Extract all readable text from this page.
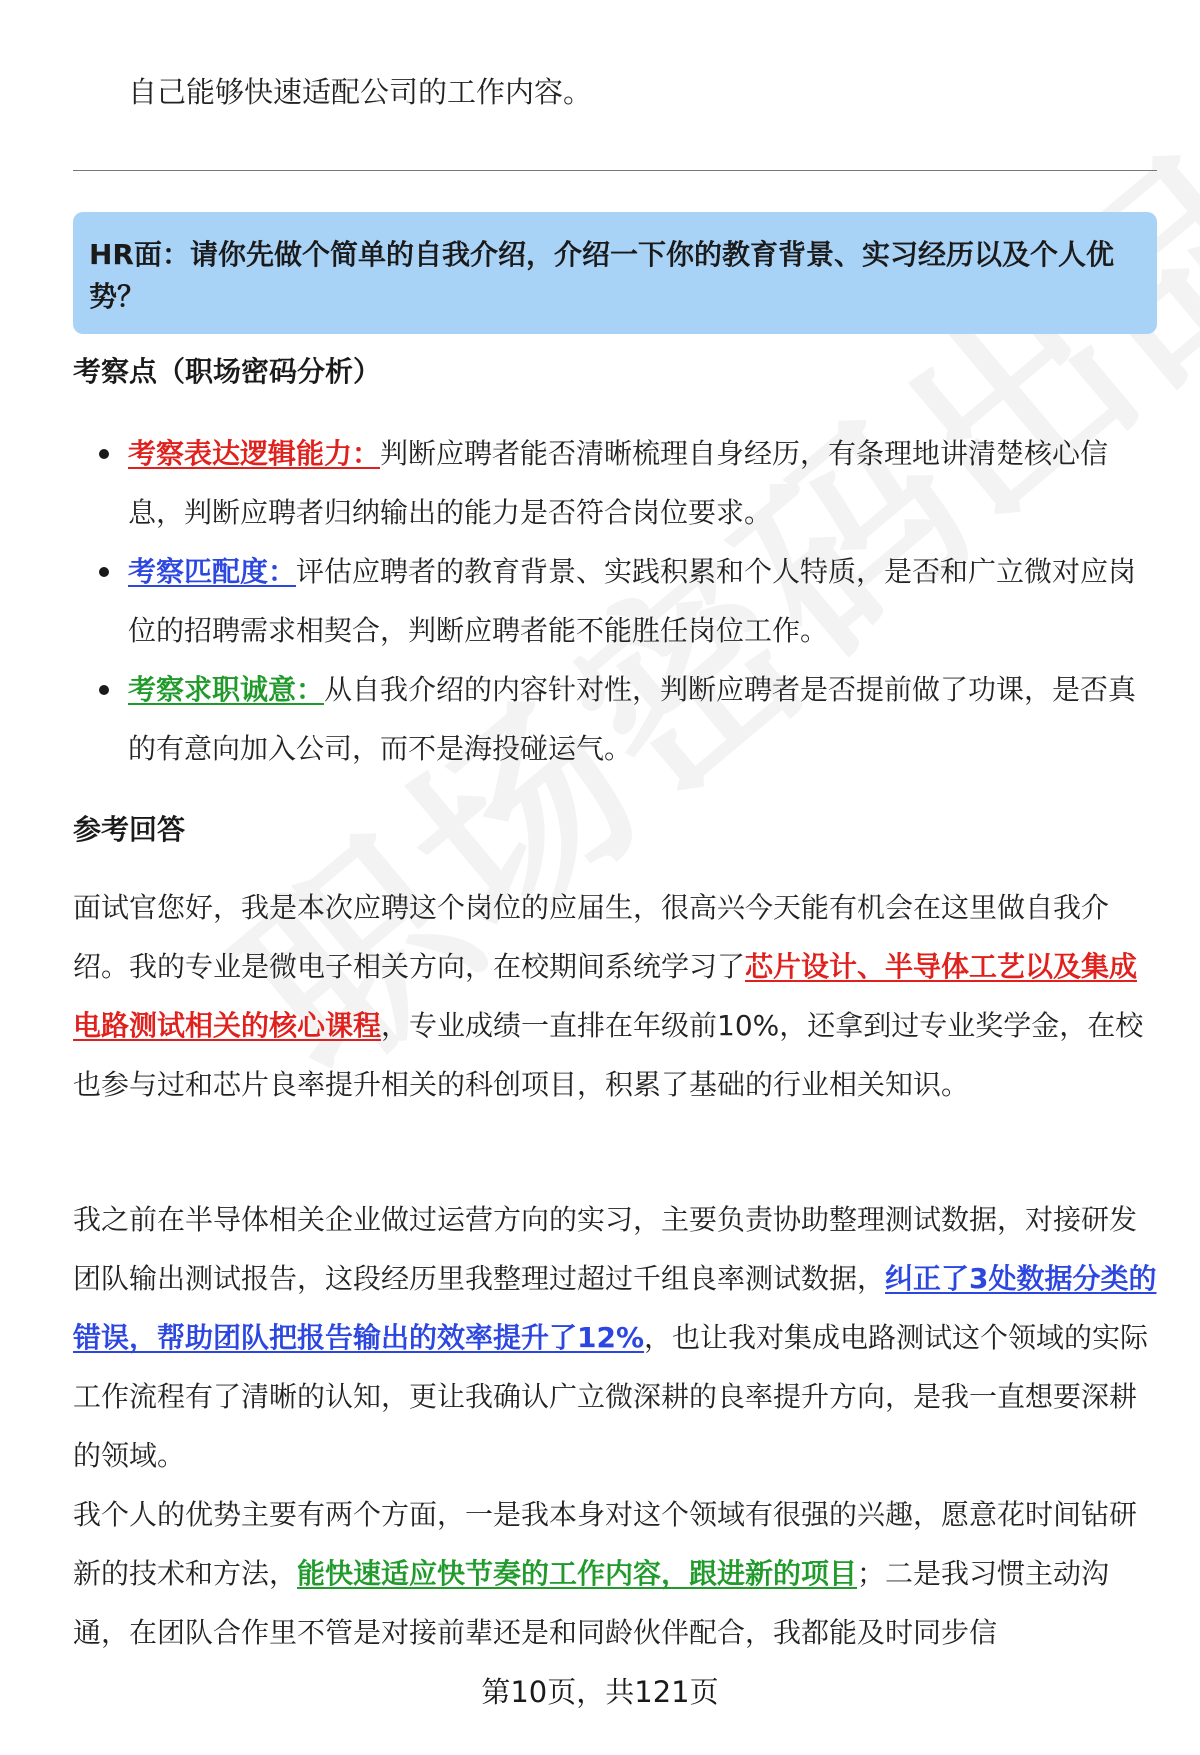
自己能够快速适配公司的工作内容。
HR面：请你先做个简单的自我介绍，介绍一下你的教育背景、实习经历以及个人优势？
考察点（职场密码分析）

考察表达逻辑能力：判断应聘者能否清晰梳理自身经历，有条理地讲清楚核心信息，判断应聘者归纳输出的能力是否符合岗位要求。

考察匹配度：评估应聘者的教育背景、实践积累和个人特质，是否和广立微对应岗位的招聘需求相契合，判断应聘者能不能胜任岗位工作。

考察求职诚意：从自我介绍的内容针对性，判断应聘者是否提前做了功课，是否真的有意向加入公司，而不是海投碰运气。

参考回答

面试官您好，我是本次应聘这个岗位的应届生，很高兴今天能有机会在这里做自我介绍。我的专业是微电子相关方向，在校期间系统学习了芯片设计、半导体工艺以及集成电路测试相关的核心课程，专业成绩一直排在年级前10%，还拿到过专业奖学金，在校也参与过和芯片良率提升相关的科创项目，积累了基础的行业相关知识。

我之前在半导体相关企业做过运营方向的实习，主要负责协助整理测试数据，对接研发团队输出测试报告，这段经历里我整理过超过千组良率测试数据，纠正了3处数据分类的错误，帮助团队把报告输出的效率提升了12%，也让我对集成电路测试这个领域的实际工作流程有了清晰的认知，更让我确认广立微深耕的良率提升方向，是我一直想要深耕的领域。

我个人的优势主要有两个方面，一是我本身对这个领域有很强的兴趣，愿意花时间钻研新的技术和方法，能快速适应快节奏的工作内容，跟进新的项目；二是我习惯主动沟通，在团队合作里不管是对接前辈还是和同龄伙伴配合，我都能及时同步信

第10页，共121页
